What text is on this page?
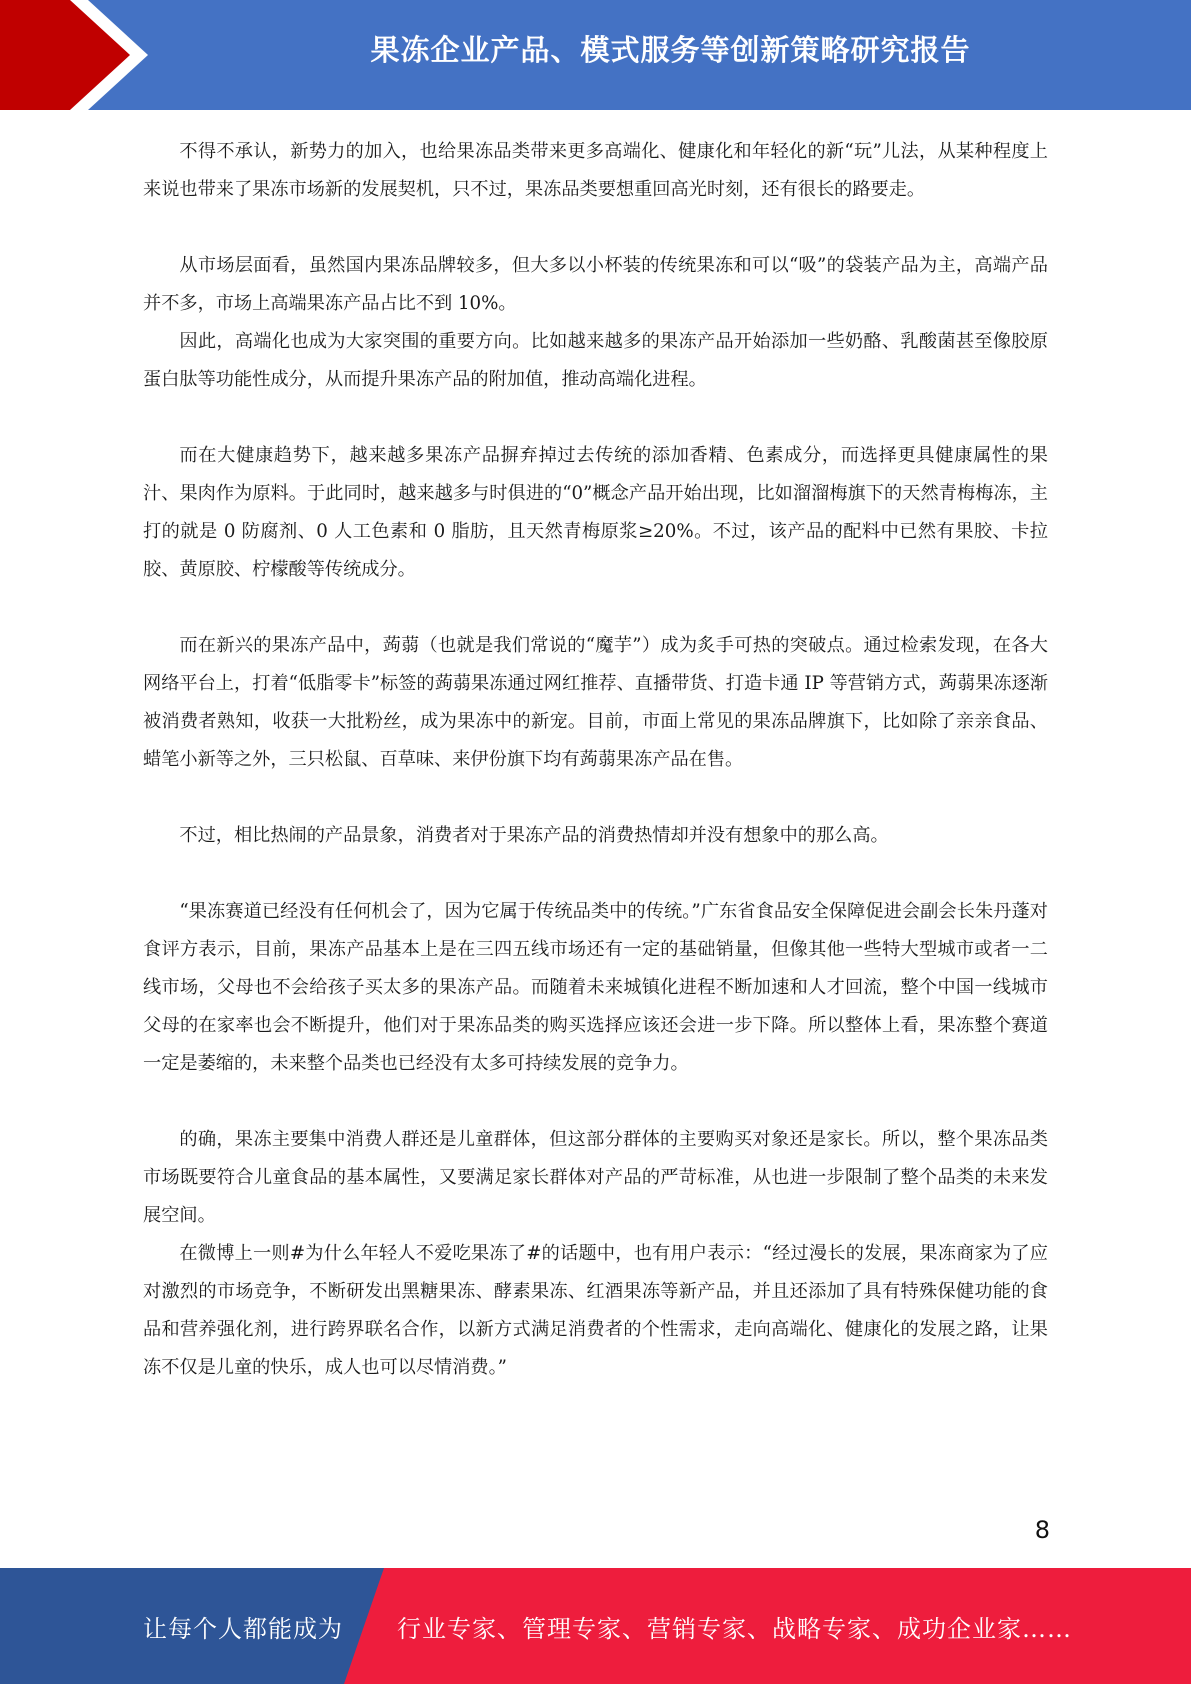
果冻企业产品、模式服务等创新策略研究报告

不得不承认，新势力的加入，也给果冻品类带来更多高端化、健康化和年轻化的新“玩”儿法，从某种程度上来说也带来了果冻市场新的发展契机，只不过，果冻品类要想重回高光时刻，还有很长的路要走。

从市场层面看，虽然国内果冻品牌较多，但大多以小杯装的传统果冻和可以“吸”的袋装产品为主，高端产品并不多，市场上高端果冻产品占比不到 10%。

因此，高端化也成为大家突围的重要方向。比如越来越多的果冻产品开始添加一些奶酪、乳酸菌甚至像胶原蛋白肽等功能性成分，从而提升果冻产品的附加值，推动高端化进程。

而在大健康趋势下，越来越多果冻产品摒弃掉过去传统的添加香精、色素成分，而选择更具健康属性的果汁、果肉作为原料。于此同时，越来越多与时俱进的“0”概念产品开始出现，比如溜溜梅旗下的天然青梅梅冻，主打的就是 0 防腐剂、0 人工色素和 0 脂肪，且天然青梅原浆≥20%。不过，该产品的配料中已然有果胶、卡拉胶、黄原胶、柠檬酸等传统成分。

而在新兴的果冻产品中，蒟蒻（也就是我们常说的“魔芋”）成为炙手可热的突破点。通过检索发现，在各大网络平台上，打着“低脂零卡”标签的蒟蒻果冻通过网红推荐、直播带货、打造卡通 IP 等营销方式，蒟蒻果冻逐渐被消费者熟知，收获一大批粉丝，成为果冻中的新宠。目前，市面上常见的果冻品牌旗下，比如除了亲亲食品、蜡笔小新等之外，三只松鼠、百草味、来伊份旗下均有蒟蒻果冻产品在售。

不过，相比热闹的产品景象，消费者对于果冻产品的消费热情却并没有想象中的那么高。

“果冻赛道已经没有任何机会了，因为它属于传统品类中的传统。”广东省食品安全保障促进会副会长朱丹蓬对食评方表示，目前，果冻产品基本上是在三四五线市场还有一定的基础销量，但像其他一些特大型城市或者一二线市场，父母也不会给孩子买太多的果冻产品。而随着未来城镇化进程不断加速和人才回流，整个中国一线城市父母的在家率也会不断提升，他们对于果冻品类的购买选择应该还会进一步下降。所以整体上看，果冻整个赛道一定是萎缩的，未来整个品类也已经没有太多可持续发展的竞争力。

的确，果冻主要集中消费人群还是儿童群体，但这部分群体的主要购买对象还是家长。所以，整个果冻品类市场既要符合儿童食品的基本属性，又要满足家长群体对产品的严苛标准，从也进一步限制了整个品类的未来发展空间。

在微博上一则#为什么年轻人不爱吃果冻了#的话题中，也有用户表示：“经过漫长的发展，果冻商家为了应对激烈的市场竞争，不断研发出黑糖果冻、酵素果冻、红酒果冻等新产品，并且还添加了具有特殊保健功能的食品和营养强化剂，进行跨界联名合作，以新方式满足消费者的个性需求，走向高端化、健康化的发展之路，让果冻不仅是儿童的快乐，成人也可以尽情消费。”

8
让每个人都能成为 行业专家、管理专家、营销专家、战略专家、成功企业家……
